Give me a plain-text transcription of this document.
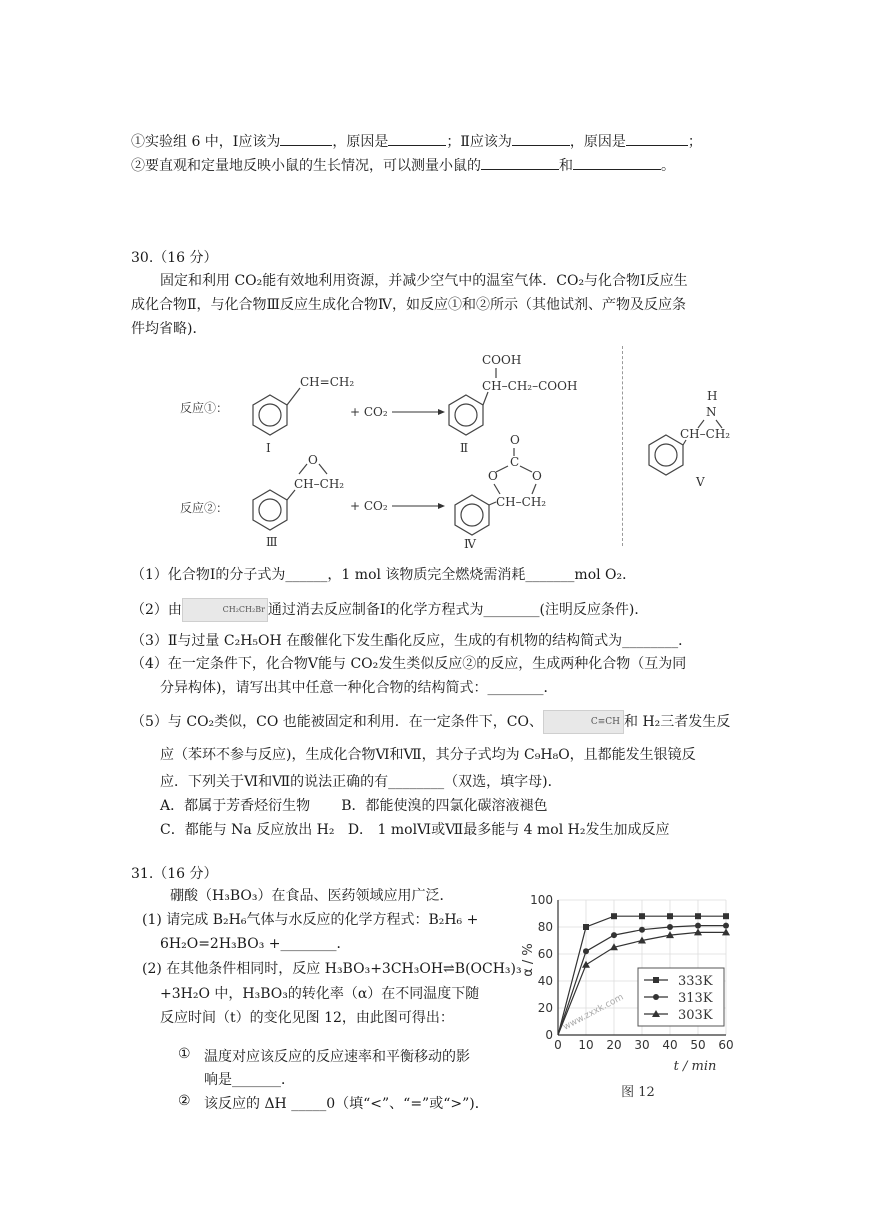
①实验组 6 中，Ⅰ应该为	，原因是	；Ⅱ应该为	，原因是	；
②要直观和定量地反映小鼠的生长情况，可以测量小鼠的	和	。
30.（16 分）
固定和利用 CO₂能有效地利用资源，并减少空气中的温室气体．CO₂与化合物Ⅰ反应生
成化合物Ⅱ，与化合物Ⅲ反应生成化合物Ⅳ，如反应①和②所示（其他试剂、产物及反应条
件均省略)．
反应①：
CH=CH₂
Ⅰ
+ CO₂
COOH
CH–CH₂–COOH
Ⅱ
反应②：
O
CH–CH₂
Ⅲ
+ CO₂
O
C
O	O
CH–CH₂
Ⅳ
H
N
CH–CH₂
Ⅴ
（1）化合物Ⅰ的分子式为______，1 mol 该物质完全燃烧需消耗_______mol O₂．
（2）由	CH₂CH₂Br 通过消去反应制备Ⅰ的化学方程式为________(注明反应条件)．
（3）Ⅱ与过量 C₂H₅OH 在酸催化下发生酯化反应，生成的有机物的结构简式为________．
（4）在一定条件下，化合物Ⅴ能与 CO₂发生类似反应②的反应，生成两种化合物（互为同
分异构体)，请写出其中任意一种化合物的结构简式：________．
（5）与 CO₂类似，CO 也能被固定和利用．在一定条件下，CO、	C≡CH 和 H₂三者发生反
应（苯环不参与反应)，生成化合物Ⅵ和Ⅶ，其分子式均为 C₉H₈O，且都能发生银镜反
应．下列关于Ⅵ和Ⅶ的说法正确的有________（双选，填字母)．
A．都属于芳香烃衍生物       B．都能使溴的四氯化碳溶液褪色
C．都能与 Na 反应放出 H₂   D． 1 molⅥ或Ⅶ最多能与 4 mol H₂发生加成反应
31.（16 分）
硼酸（H₃BO₃）在食品、医药领域应用广泛．
(1) 请完成 B₂H₆气体与水反应的化学方程式：B₂H₆ +
6H₂O=2H₃BO₃ +________．
(2) 在其他条件相同时，反应 H₃BO₃+3CH₃OH⇌B(OCH₃)₃
+3H₂O 中，H₃BO₃的转化率（α）在不同温度下随
反应时间（t）的变化见图 12，由此图可得出：
① 温度对应该反应的反应速率和平衡移动的影
响是_______．
② 该反应的 ΔH _____0（填“<”、“=”或“>”)．
0 10 20 30 40 50 60
0
20
40
60
80
100
333K
313K
303K
α / %
t / min
www.zxxk.com
图 12
